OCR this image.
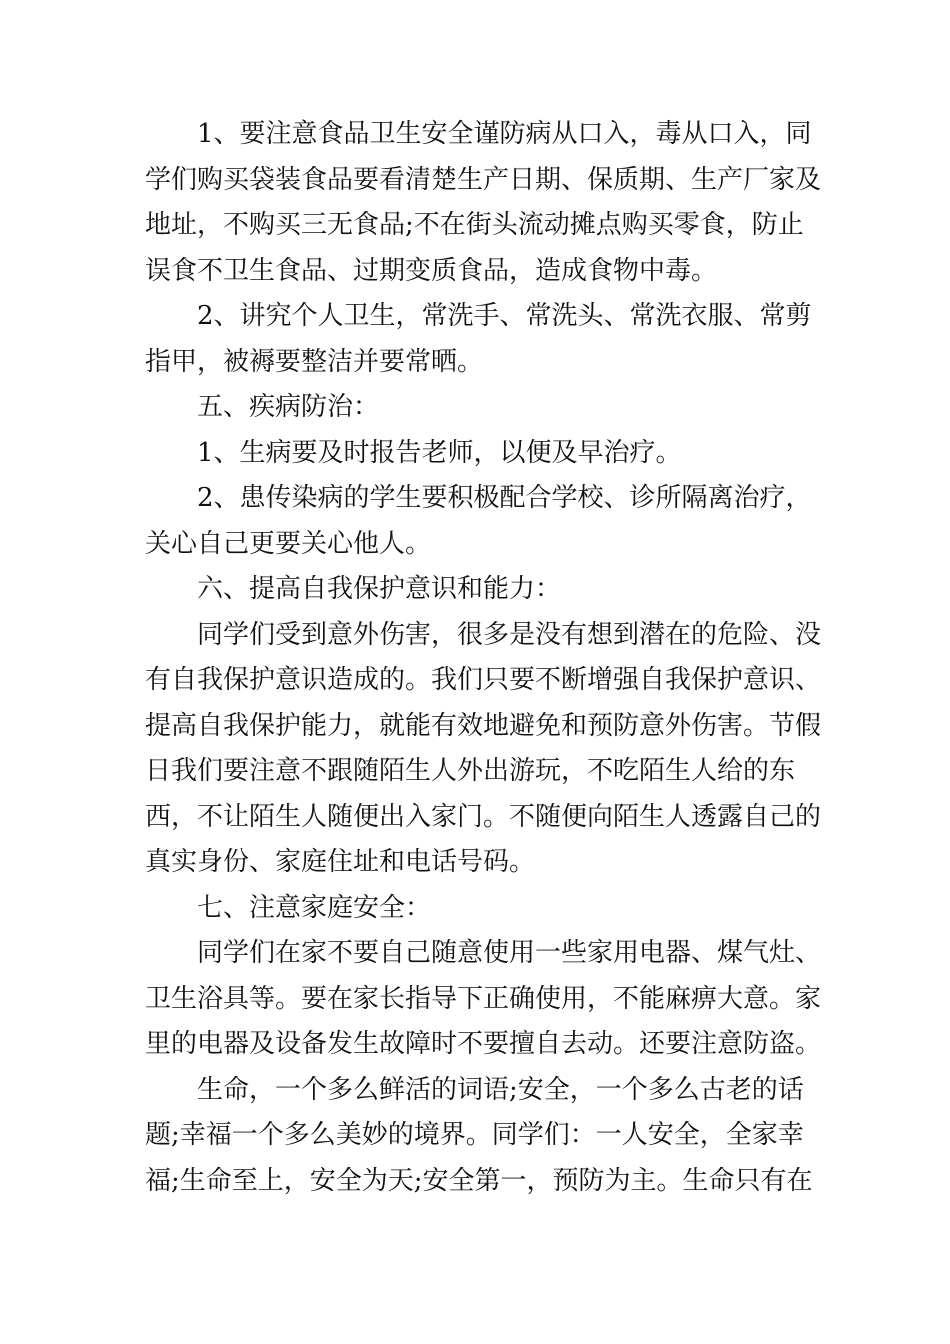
1、要注意食品卫生安全谨防病从口入，毒从口入，同
学们购买袋装食品要看清楚生产日期、保质期、生产厂家及
地址，不购买三无食品;不在街头流动摊点购买零食，防止
误食不卫生食品、过期变质食品，造成食物中毒。
2、讲究个人卫生，常洗手、常洗头、常洗衣服、常剪
指甲，被褥要整洁并要常晒。
五、疾病防治：
1、生病要及时报告老师，以便及早治疗。
2、患传染病的学生要积极配合学校、诊所隔离治疗，
关心自己更要关心他人。
六、提高自我保护意识和能力：
同学们受到意外伤害，很多是没有想到潜在的危险、没
有自我保护意识造成的。我们只要不断增强自我保护意识、
提高自我保护能力，就能有效地避免和预防意外伤害。节假
日我们要注意不跟随陌生人外出游玩，不吃陌生人给的东
西，不让陌生人随便出入家门。不随便向陌生人透露自己的
真实身份、家庭住址和电话号码。
七、注意家庭安全：
同学们在家不要自己随意使用一些家用电器、煤气灶、
卫生浴具等。要在家长指导下正确使用，不能麻痹大意。家
里的电器及设备发生故障时不要擅自去动。还要注意防盗。
生命，一个多么鲜活的词语;安全，一个多么古老的话
题;幸福一个多么美妙的境界。同学们：一人安全，全家幸
福;生命至上，安全为天;安全第一，预防为主。生命只有在
